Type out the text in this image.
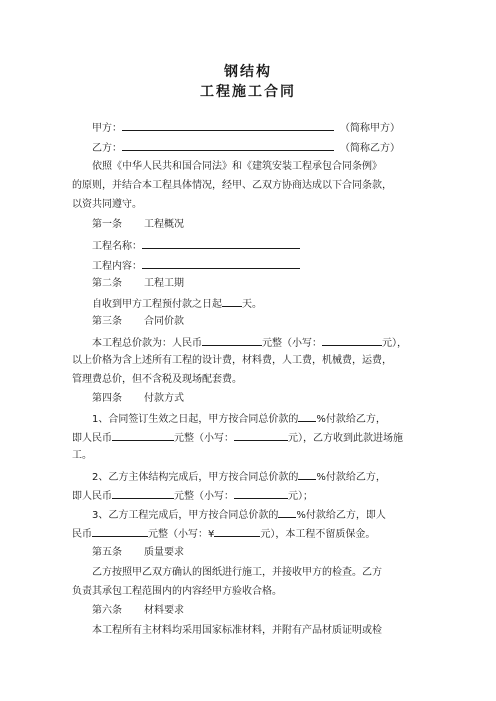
钢结构
工程施工合同
甲方：	（简称甲方）
乙方：	（简称乙方）
依照《中华人民共和国合同法》和《建筑安装工程承包合同条例》
的原则，并结合本工程具体情况，经甲、乙双方协商达成以下合同条款，
以资共同遵守。
第一条 工程概况
工程名称：
工程内容：
第二条 工程工期
自收到甲方工程预付款之日起 天。
第三条 合同价款
本工程总价款为：人民币	元整（小写：	元），
以上价格为含上述所有工程的设计费，材料费，人工费，机械费，运费，
管理费总价，但不含税及现场配套费。
第四条 付款方式
1、合同签订生效之日起，甲方按合同总价款的 %付款给乙方，
即人民币	元整（小写：	元），乙方收到此款进场施
工。
2、乙方主体结构完成后，甲方按合同总价款的 %付款给乙方，
即人民币	元整（小写：	元）；
3、乙方工程完成后，甲方按合同总价款的 %付款给乙方，即人
民币	元整（小写：¥	元），本工程不留质保金。
第五条 质量要求
乙方按照甲乙双方确认的图纸进行施工，并接收甲方的检查。乙方
负责其承包工程范围内的内容经甲方验收合格。
第六条 材料要求
本工程所有主材料均采用国家标准材料，并附有产品材质证明或检
